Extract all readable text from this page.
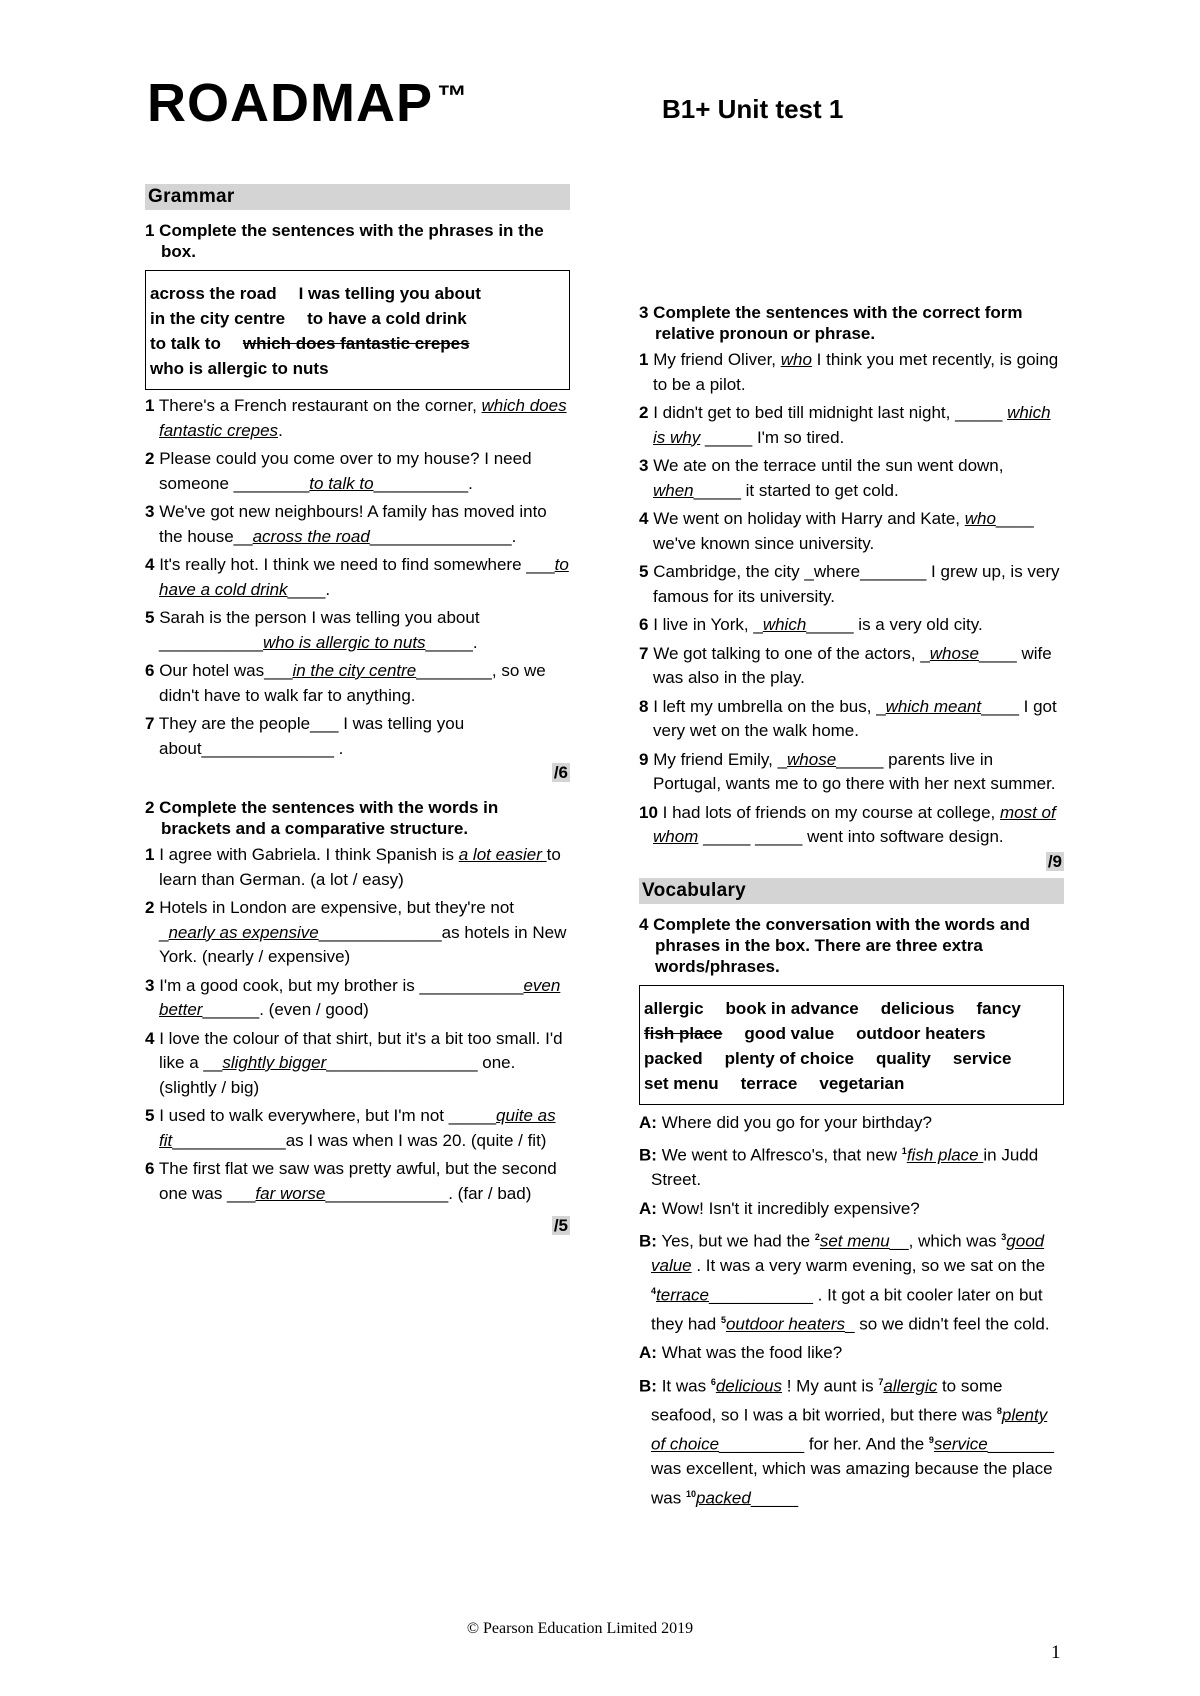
ROADMAP ™	B1+ Unit test 1
Grammar
1 Complete the sentences with the phrases in the box.
across the road I was telling you about
in the city centre to have a cold drink
to talk to which does fantastic crepes
who is allergic to nuts
1 There's a French restaurant on the corner, which does fantastic crepes.
2 Please could you come over to my house? I need someone ________to talk to__________.
3 We've got new neighbours! A family has moved into the house__across the road_______________.
4 It's really hot. I think we need to find somewhere ___to have a cold drink____.
5 Sarah is the person I was telling you about ___________who is allergic to nuts_____.
6 Our hotel was___in the city centre________, so we didn't have to walk far to anything.
7 They are the people___ I was telling you about______________ .
/6
2 Complete the sentences with the words in brackets and a comparative structure.
1 I agree with Gabriela. I think Spanish is a lot easier to learn than German. (a lot / easy)
2 Hotels in London are expensive, but they're not _nearly as expensive_____________as hotels in New York. (nearly / expensive)
3 I'm a good cook, but my brother is ___________even better______. (even / good)
4 I love the colour of that shirt, but it's a bit too small. I'd like a __slightly bigger________________ one. (slightly / big)
5 I used to walk everywhere, but I'm not _____quite as fit____________as I was when I was 20. (quite / fit)
6 The first flat we saw was pretty awful, but the second one was ___far worse_____________. (far / bad)
/5
3 Complete the sentences with the correct form relative pronoun or phrase.
1 My friend Oliver, who I think you met recently, is going to be a pilot.
2 I didn't get to bed till midnight last night, _____ which is why _____ I'm so tired.
3 We ate on the terrace until the sun went down, when_____ it started to get cold.
4 We went on holiday with Harry and Kate, who____ we've known since university.
5 Cambridge, the city _where_______ I grew up, is very famous for its university.
6 I live in York, _which_____ is a very old city.
7 We got talking to one of the actors, _whose____ wife was also in the play.
8 I left my umbrella on the bus, _which meant____ I got very wet on the walk home.
9 My friend Emily, _whose_____ parents live in Portugal, wants me to go there with her next summer.
10 I had lots of friends on my course at college, most of whom _____ _____ went into software design.
/9
Vocabulary
4 Complete the conversation with the words and phrases in the box. There are three extra words/phrases.
allergic book in advance delicious fancy
fish place good value outdoor heaters
packed plenty of choice quality service
set menu terrace vegetarian
A: Where did you go for your birthday?
B: We went to Alfresco's, that new $^1$fish place in Judd Street.
A: Wow! Isn't it incredibly expensive?
B: Yes, but we had the $^2$set menu__, which was $^3$good value . It was a very warm evening, so we sat on the $^4$terrace___________ . It got a bit cooler later on but they had $^5$outdoor heaters_ so we didn't feel the cold.
A: What was the food like?
B: It was $^6$delicious ! My aunt is $^7$allergic to some seafood, so I was a bit worried, but there was $^8$plenty of choice_________ for her. And the $^9$service_______ was excellent, which was amazing because the place was $^{10}$packed_____
© Pearson Education Limited 2019
1
